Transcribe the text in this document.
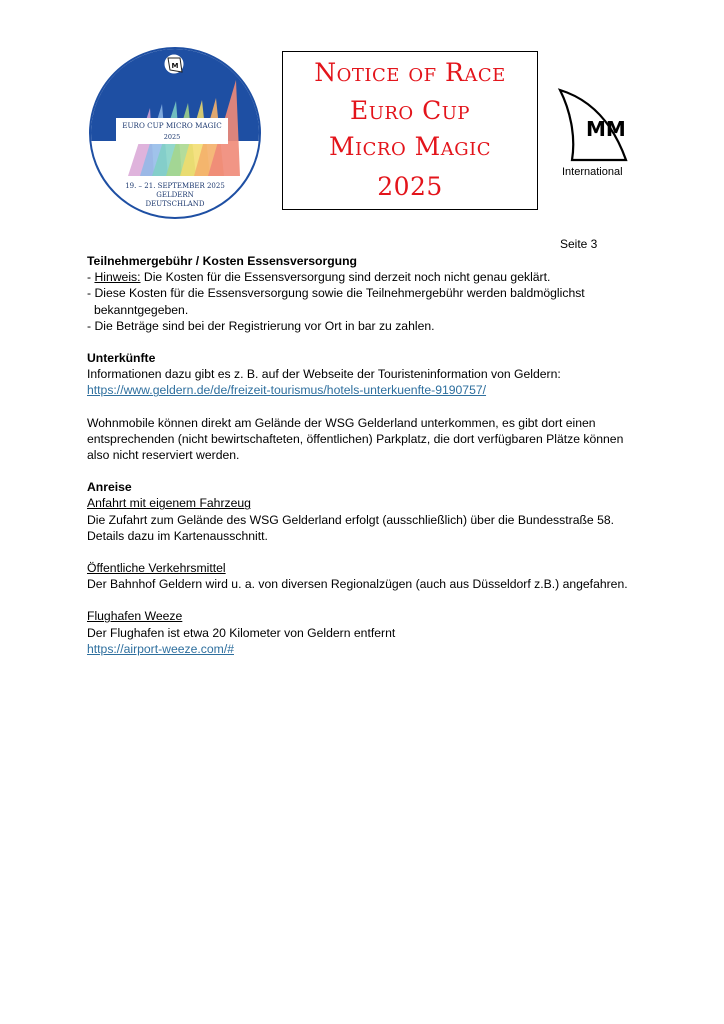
EURO CUP MICRO MAGIC
2025
M
19. – 21. SEPTEMBER 2025
GELDERN
DEUTSCHLAND
Notice of Race
Euro Cup
Micro Magic
2025
MM
International
Seite 3

Teilnehmergebühr / Kosten Essensversorgung

- Hinweis: Die Kosten für die Essensversorgung sind derzeit noch nicht genau geklärt.

- Diese Kosten für die Essensversorgung sowie die Teilnehmergebühr werden baldmöglichst

bekanntgegeben.

- Die Beträge sind bei der Registrierung vor Ort in bar zu zahlen.

Unterkünfte

Informationen dazu gibt es z. B. auf der Webseite der Touristeninformation von Geldern:

https://www.geldern.de/de/freizeit-tourismus/hotels-unterkuenfte-9190757/

Wohnmobile können direkt am Gelände der WSG Gelderland unterkommen, es gibt dort einen entsprechenden (nicht bewirtschafteten, öffentlichen) Parkplatz, die dort verfügbaren Plätze können also nicht reserviert werden.

Anreise

Anfahrt mit eigenem Fahrzeug

Die Zufahrt zum Gelände des WSG Gelderland erfolgt (ausschließlich) über die Bundesstraße 58.

Details dazu im Kartenausschnitt.

Öffentliche Verkehrsmittel

Der Bahnhof Geldern wird u. a. von diversen Regionalzügen (auch aus Düsseldorf z.B.) angefahren.

Flughafen Weeze

Der Flughafen ist etwa 20 Kilometer von Geldern entfernt

https://airport-weeze.com/#
